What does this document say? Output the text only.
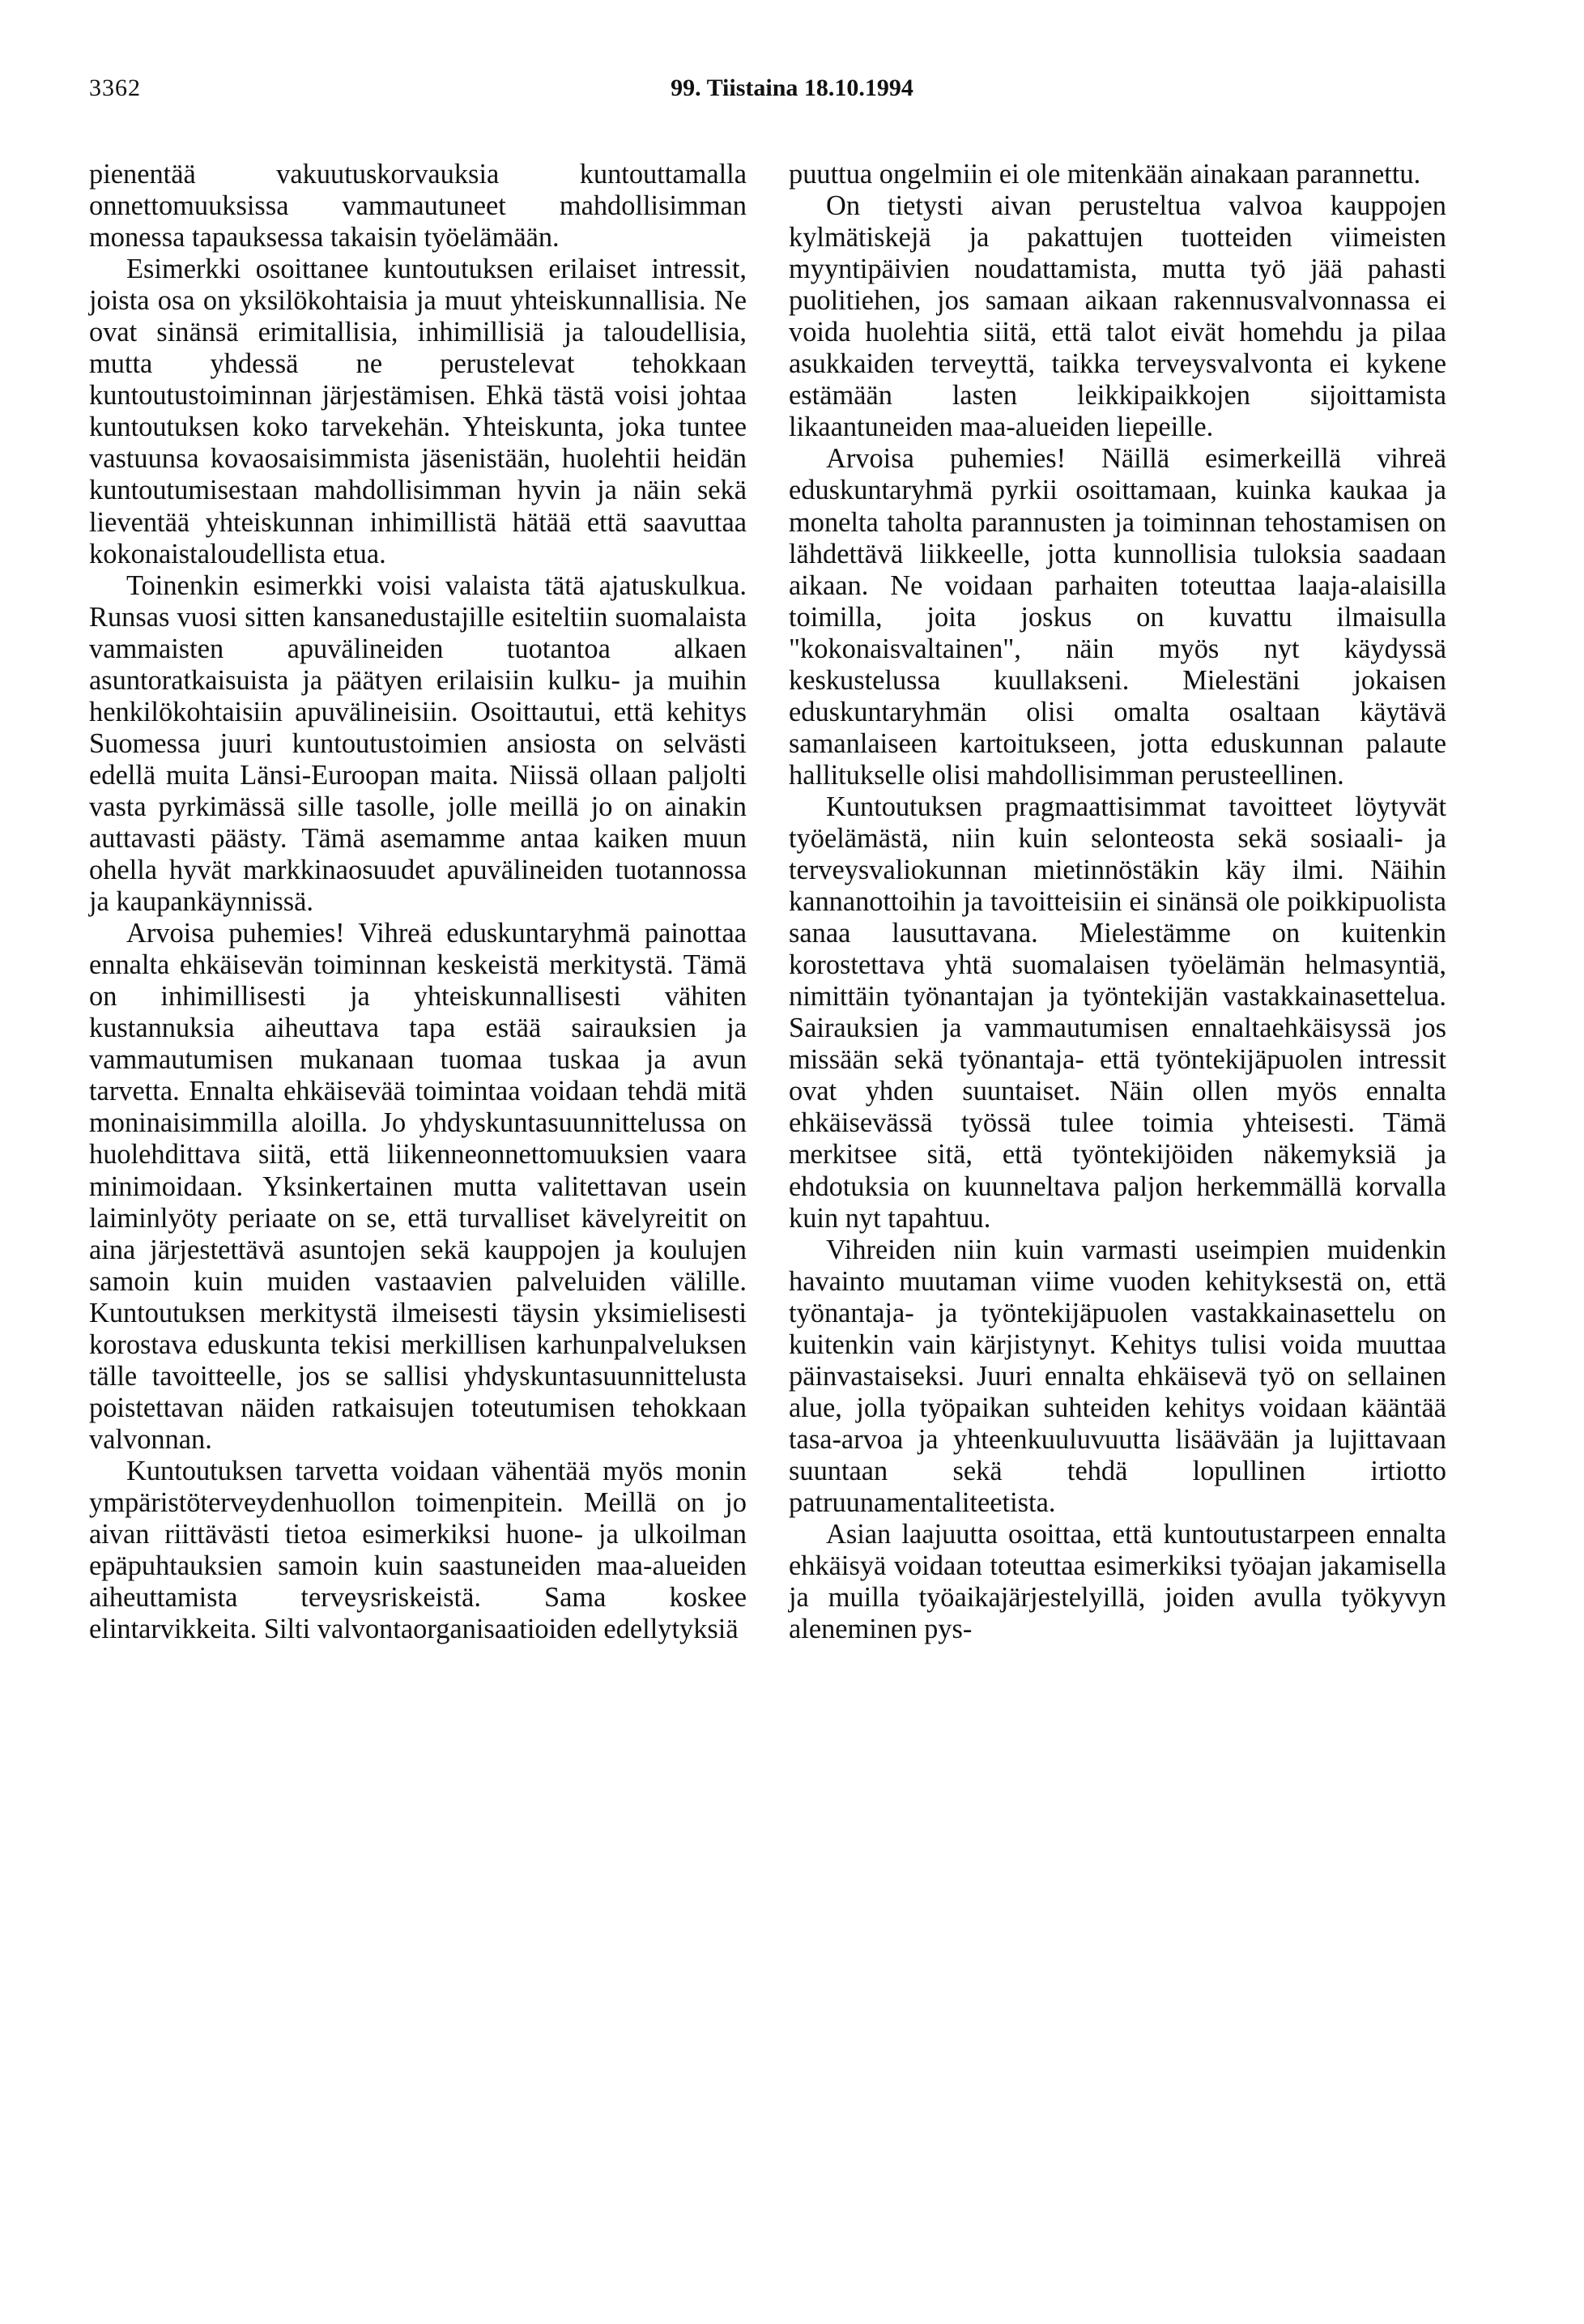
3362	99. Tiistaina 18.10.1994

pienentää vakuutuskorvauksia kuntouttamalla onnettomuuksissa vammautuneet mahdollisimman monessa tapauksessa takaisin työelämään.

Esimerkki osoittanee kuntoutuksen erilaiset intressit, joista osa on yksilökohtaisia ja muut yhteiskunnallisia. Ne ovat sinänsä erimitallisia, inhimillisiä ja taloudellisia, mutta yhdessä ne perustelevat tehokkaan kuntoutustoiminnan järjestämisen. Ehkä tästä voisi johtaa kuntoutuksen koko tarvekehän. Yhteiskunta, joka tuntee vastuunsa kovaosaisimmista jäsenistään, huolehtii heidän kuntoutumisestaan mahdollisimman hyvin ja näin sekä lieventää yhteiskunnan inhimillistä hätää että saavuttaa kokonaistaloudellista etua.

Toinenkin esimerkki voisi valaista tätä ajatuskulkua. Runsas vuosi sitten kansanedustajille esiteltiin suomalaista vammaisten apuvälineiden tuotantoa alkaen asuntoratkaisuista ja päätyen erilaisiin kulku- ja muihin henkilökohtaisiin apuvälineisiin. Osoittautui, että kehitys Suomessa juuri kuntoutustoimien ansiosta on selvästi edellä muita Länsi-Euroopan maita. Niissä ollaan paljolti vasta pyrkimässä sille tasolle, jolle meillä jo on ainakin auttavasti päästy. Tämä asemamme antaa kaiken muun ohella hyvät markkinaosuudet apuvälineiden tuotannossa ja kaupankäynnissä.

Arvoisa puhemies! Vihreä eduskuntaryhmä painottaa ennalta ehkäisevän toiminnan keskeistä merkitystä. Tämä on inhimillisesti ja yhteiskunnallisesti vähiten kustannuksia aiheuttava tapa estää sairauksien ja vammautumisen mukanaan tuomaa tuskaa ja avun tarvetta. Ennalta ehkäisevää toimintaa voidaan tehdä mitä moninaisimmilla aloilla. Jo yhdyskuntasuunnittelussa on huolehdittava siitä, että liikenneonnettomuuksien vaara minimoidaan. Yksinkertainen mutta valitettavan usein laiminlyöty periaate on se, että turvalliset kävelyreitit on aina järjestettävä asuntojen sekä kauppojen ja koulujen samoin kuin muiden vastaavien palveluiden välille. Kuntoutuksen merkitystä ilmeisesti täysin yksimielisesti korostava eduskunta tekisi merkillisen karhunpalveluksen tälle tavoitteelle, jos se sallisi yhdyskuntasuunnittelusta poistettavan näiden ratkaisujen toteutumisen tehokkaan valvonnan.

Kuntoutuksen tarvetta voidaan vähentää myös monin ympäristöterveydenhuollon toimenpitein. Meillä on jo aivan riittävästi tietoa esimerkiksi huone- ja ulkoilman epäpuhtauksien samoin kuin saastuneiden maa-alueiden aiheuttamista terveysriskeistä. Sama koskee elintarvikkeita. Silti valvontaorganisaatioiden edellytyksiä

puuttua ongelmiin ei ole mitenkään ainakaan parannettu.

On tietysti aivan perusteltua valvoa kauppojen kylmätiskejä ja pakattujen tuotteiden viimeisten myyntipäivien noudattamista, mutta työ jää pahasti puolitiehen, jos samaan aikaan rakennusvalvonnassa ei voida huolehtia siitä, että talot eivät homehdu ja pilaa asukkaiden terveyttä, taikka terveysvalvonta ei kykene estämään lasten leikkipaikkojen sijoittamista likaantuneiden maa-alueiden liepeille.

Arvoisa puhemies! Näillä esimerkeillä vihreä eduskuntaryhmä pyrkii osoittamaan, kuinka kaukaa ja monelta taholta parannusten ja toiminnan tehostamisen on lähdettävä liikkeelle, jotta kunnollisia tuloksia saadaan aikaan. Ne voidaan parhaiten toteuttaa laaja-alaisilla toimilla, joita joskus on kuvattu ilmaisulla "kokonaisvaltainen", näin myös nyt käydyssä keskustelussa kuullakseni. Mielestäni jokaisen eduskuntaryhmän olisi omalta osaltaan käytävä samanlaiseen kartoitukseen, jotta eduskunnan palaute hallitukselle olisi mahdollisimman perusteellinen.

Kuntoutuksen pragmaattisimmat tavoitteet löytyvät työelämästä, niin kuin selonteosta sekä sosiaali- ja terveysvaliokunnan mietinnöstäkin käy ilmi. Näihin kannanottoihin ja tavoitteisiin ei sinänsä ole poikkipuolista sanaa lausuttavana. Mielestämme on kuitenkin korostettava yhtä suomalaisen työelämän helmasyntiä, nimittäin työnantajan ja työntekijän vastakkainasettelua. Sairauksien ja vammautumisen ennaltaehkäisyssä jos missään sekä työnantaja- että työntekijäpuolen intressit ovat yhden suuntaiset. Näin ollen myös ennalta ehkäisevässä työssä tulee toimia yhteisesti. Tämä merkitsee sitä, että työntekijöiden näkemyksiä ja ehdotuksia on kuunneltava paljon herkemmällä korvalla kuin nyt tapahtuu.

Vihreiden niin kuin varmasti useimpien muidenkin havainto muutaman viime vuoden kehityksestä on, että työnantaja- ja työntekijäpuolen vastakkainasettelu on kuitenkin vain kärjistynyt. Kehitys tulisi voida muuttaa päinvastaiseksi. Juuri ennalta ehkäisevä työ on sellainen alue, jolla työpaikan suhteiden kehitys voidaan kääntää tasa-arvoa ja yhteenkuuluvuutta lisäävään ja lujittavaan suuntaan sekä tehdä lopullinen irtiotto patruunamentaliteetista.

Asian laajuutta osoittaa, että kuntoutustarpeen ennalta ehkäisyä voidaan toteuttaa esimerkiksi työajan jakamisella ja muilla työaikajärjestelyillä, joiden avulla työkyvyn aleneminen pys-
